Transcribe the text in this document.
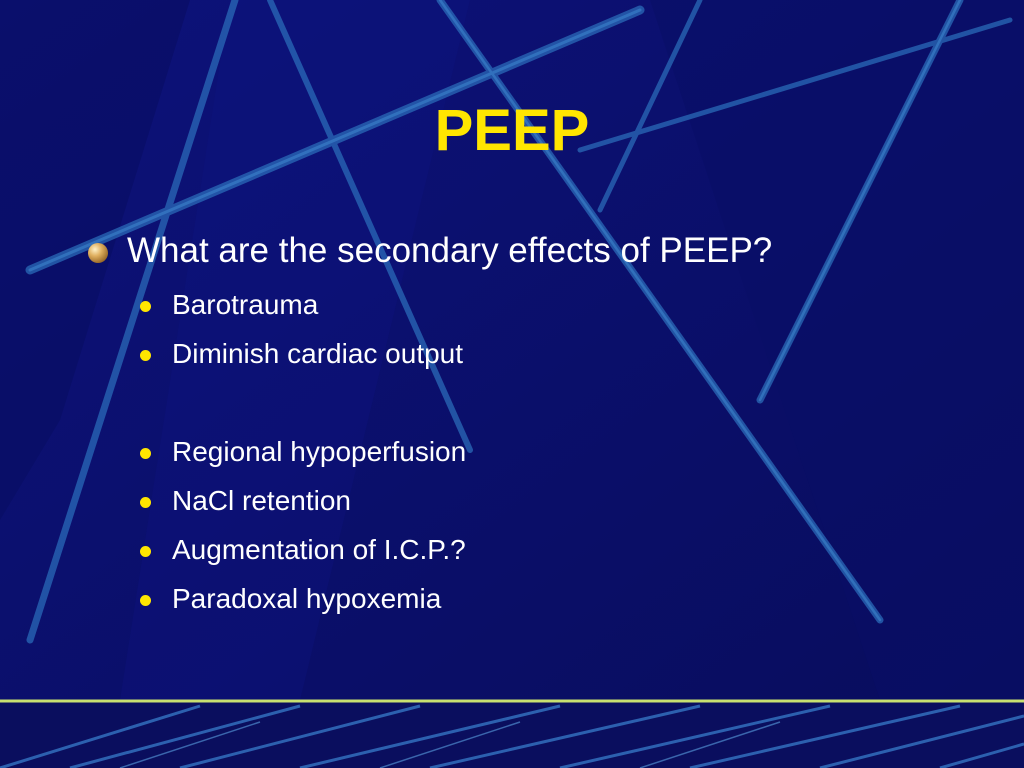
PEEP
What are the secondary effects of PEEP?
Barotrauma
Diminish cardiac output
Regional hypoperfusion
NaCl retention
Augmentation of I.C.P.?
Paradoxal hypoxemia
